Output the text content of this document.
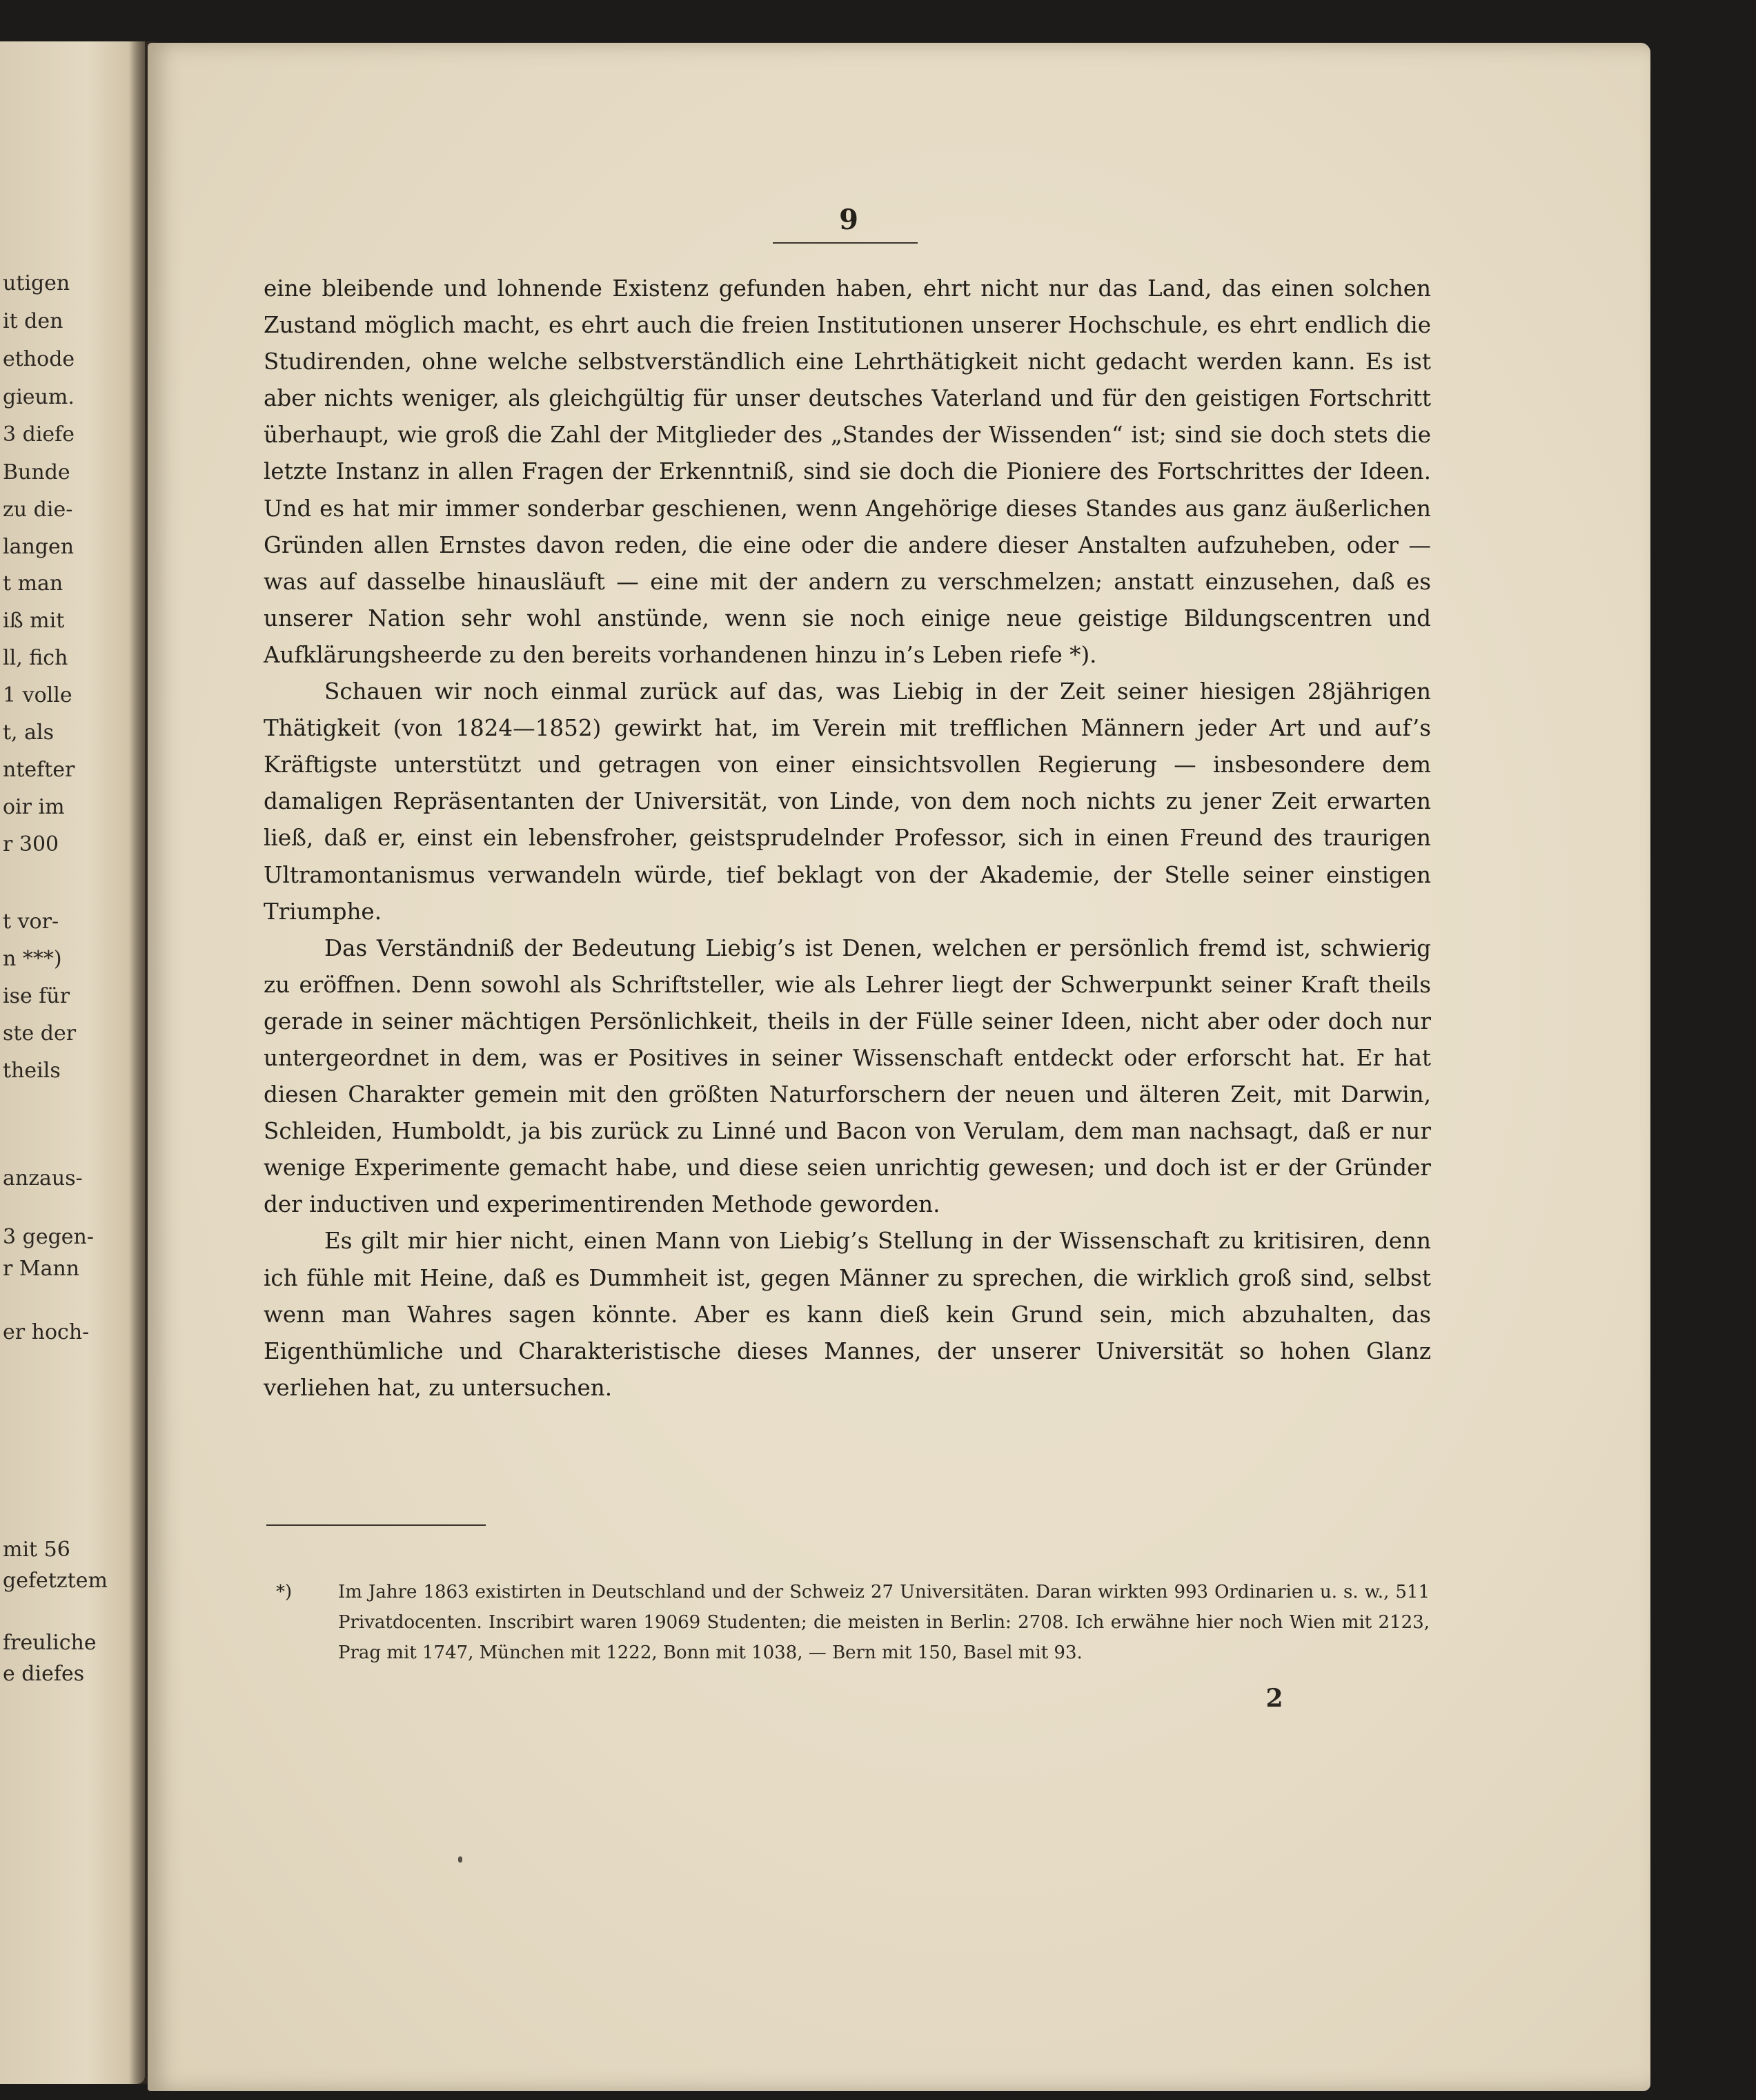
utigen
it den
ethode
gieum.
3 diefe
Bunde
zu die-
langen
t man
iß mit
ll, fich
1 volle
t, als
ntefter
oir im
r 300
t vor-
n ***)
ise für
ste der
theils
anzaus-
3 gegen-
r Mann
er hoch-
mit 56
gefetztem
freuliche
e diefes
9

eine bleibende und lohnende Existenz gefunden haben, ehrt nicht nur das Land, das einen solchen Zustand möglich macht, es ehrt auch die freien Institutionen unserer Hochschule, es ehrt endlich die Studirenden, ohne welche selbstverständlich eine Lehrthätigkeit nicht gedacht werden kann. Es ist aber nichts weniger, als gleichgültig für unser deutsches Vaterland und für den geistigen Fortschritt überhaupt, wie groß die Zahl der Mitglieder des „Standes der Wissenden“ ist; sind sie doch stets die letzte Instanz in allen Fragen der Erkenntniß, sind sie doch die Pioniere des Fortschrittes der Ideen. Und es hat mir immer sonderbar geschienen, wenn Angehörige dieses Standes aus ganz äußerlichen Gründen allen Ernstes davon reden, die eine oder die andere dieser Anstalten aufzuheben, oder — was auf dasselbe hinausläuft — eine mit der andern zu verschmelzen; anstatt einzusehen, daß es unserer Nation sehr wohl anstünde, wenn sie noch einige neue geistige Bildungscentren und Aufklärungsheerde zu den bereits vorhandenen hinzu in’s Leben riefe *).

Schauen wir noch einmal zurück auf das, was Liebig in der Zeit seiner hiesigen 28jährigen Thätigkeit (von 1824—1852) gewirkt hat, im Verein mit trefflichen Männern jeder Art und auf’s Kräftigste unterstützt und getragen von einer einsichtsvollen Regierung — insbesondere dem damaligen Repräsentanten der Universität, von Linde, von dem noch nichts zu jener Zeit erwarten ließ, daß er, einst ein lebensfroher, geistsprudelnder Professor, sich in einen Freund des traurigen Ultramontanismus verwandeln würde, tief beklagt von der Akademie, der Stelle seiner einstigen Triumphe.

Das Verständniß der Bedeutung Liebig’s ist Denen, welchen er persönlich fremd ist, schwierig zu eröffnen. Denn sowohl als Schriftsteller, wie als Lehrer liegt der Schwerpunkt seiner Kraft theils gerade in seiner mächtigen Persönlichkeit, theils in der Fülle seiner Ideen, nicht aber oder doch nur untergeordnet in dem, was er Positives in seiner Wissenschaft entdeckt oder erforscht hat. Er hat diesen Charakter gemein mit den größten Naturforschern der neuen und älteren Zeit, mit Darwin, Schleiden, Humboldt, ja bis zurück zu Linné und Bacon von Verulam, dem man nachsagt, daß er nur wenige Experimente gemacht habe, und diese seien unrichtig gewesen; und doch ist er der Gründer der inductiven und experimentirenden Methode geworden.

Es gilt mir hier nicht, einen Mann von Liebig’s Stellung in der Wissenschaft zu kritisiren, denn ich fühle mit Heine, daß es Dummheit ist, gegen Männer zu sprechen, die wirklich groß sind, selbst wenn man Wahres sagen könnte. Aber es kann dieß kein Grund sein, mich abzuhalten, das Eigenthümliche und Charakteristische dieses Mannes, der unserer Universität so hohen Glanz verliehen hat, zu untersuchen.

*)	Im Jahre 1863 existirten in Deutschland und der Schweiz 27 Universitäten. Daran wirkten 993 Ordinarien u. s. w., 511 Privatdocenten. Inscribirt waren 19069 Studenten; die meisten in Berlin: 2708. Ich erwähne hier noch Wien mit 2123, Prag mit 1747, München mit 1222, Bonn mit 1038, — Bern mit 150, Basel mit 93.
2
